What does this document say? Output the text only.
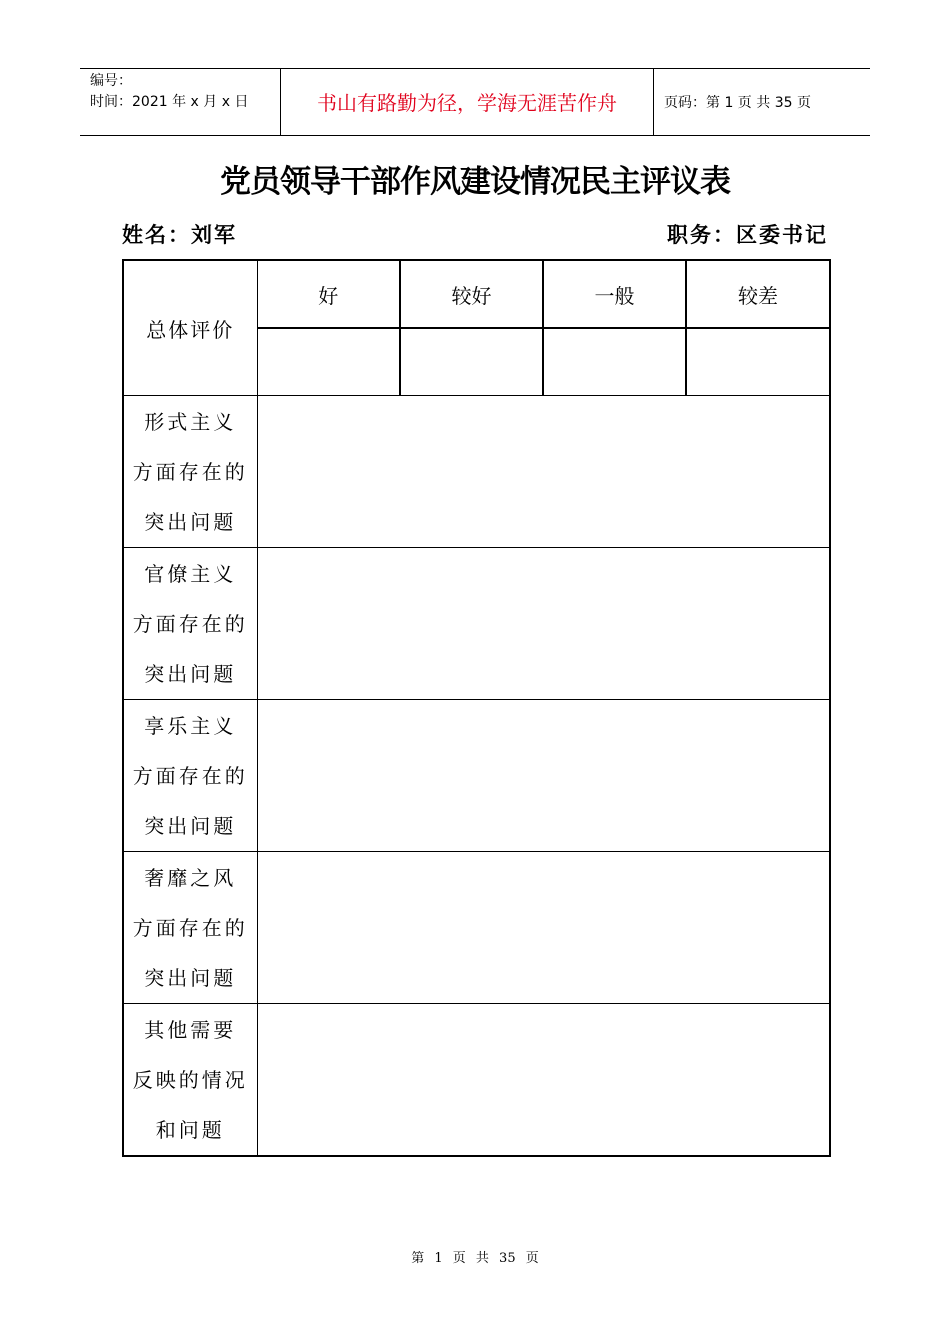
编号：
时间：2021 年 x 月 x 日	书山有路勤为径，学海无涯苦作舟	页码：第 1 页 共 35 页
党员领导干部作风建设情况民主评议表
姓名：刘军	职务：区委书记
总体评价	好	较好	一般	较差

形式主义
方面存在的
突出问题				

官僚主义
方面存在的
突出问题				

享乐主义
方面存在的
突出问题				

奢靡之风
方面存在的
突出问题				

其他需要
反映的情况
和问题				

第 1 页 共 35 页
